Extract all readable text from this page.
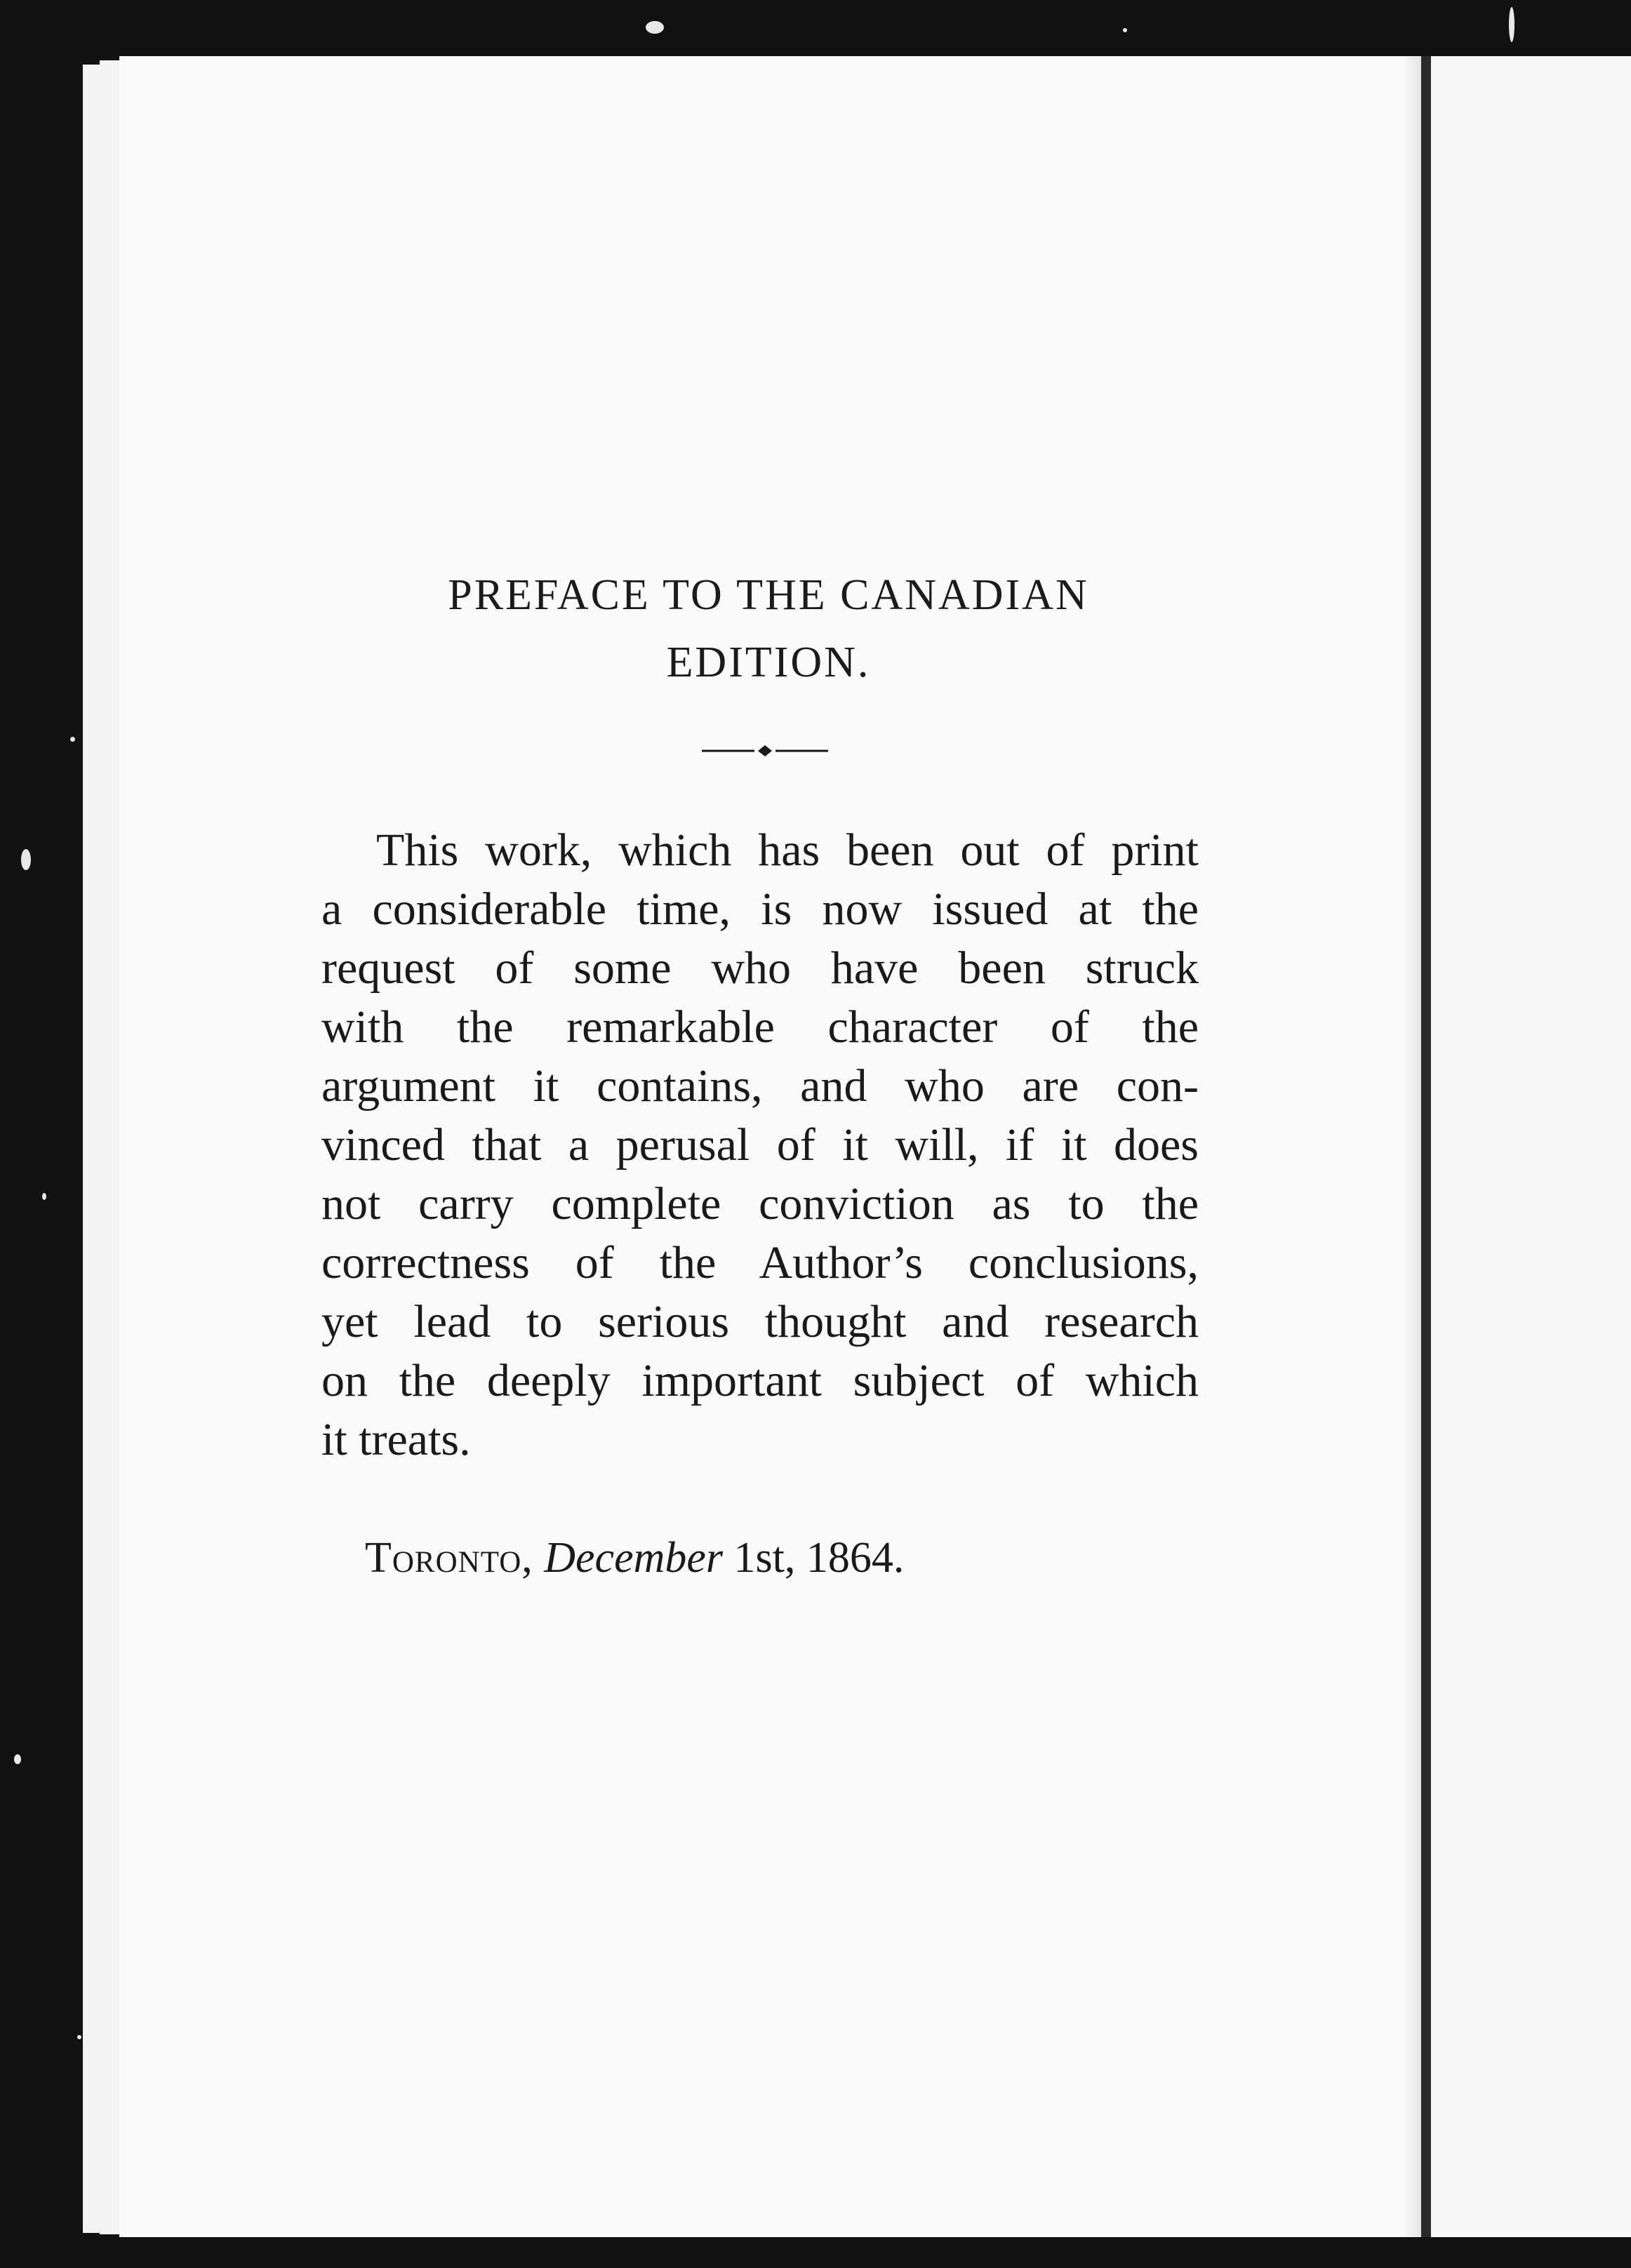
PREFACE TO THE CANADIAN
EDITION.
This work, which has been out of print
a considerable time, is now issued at the
request of some who have been struck
with the remarkable character of the
argument it contains, and who are con-
vinced that a perusal of it will, if it does
not carry complete conviction as to the
correctness of the Author’s conclusions,
yet lead to serious thought and research
on the deeply important subject of which
it treats.
Toronto, December 1st, 1864.
